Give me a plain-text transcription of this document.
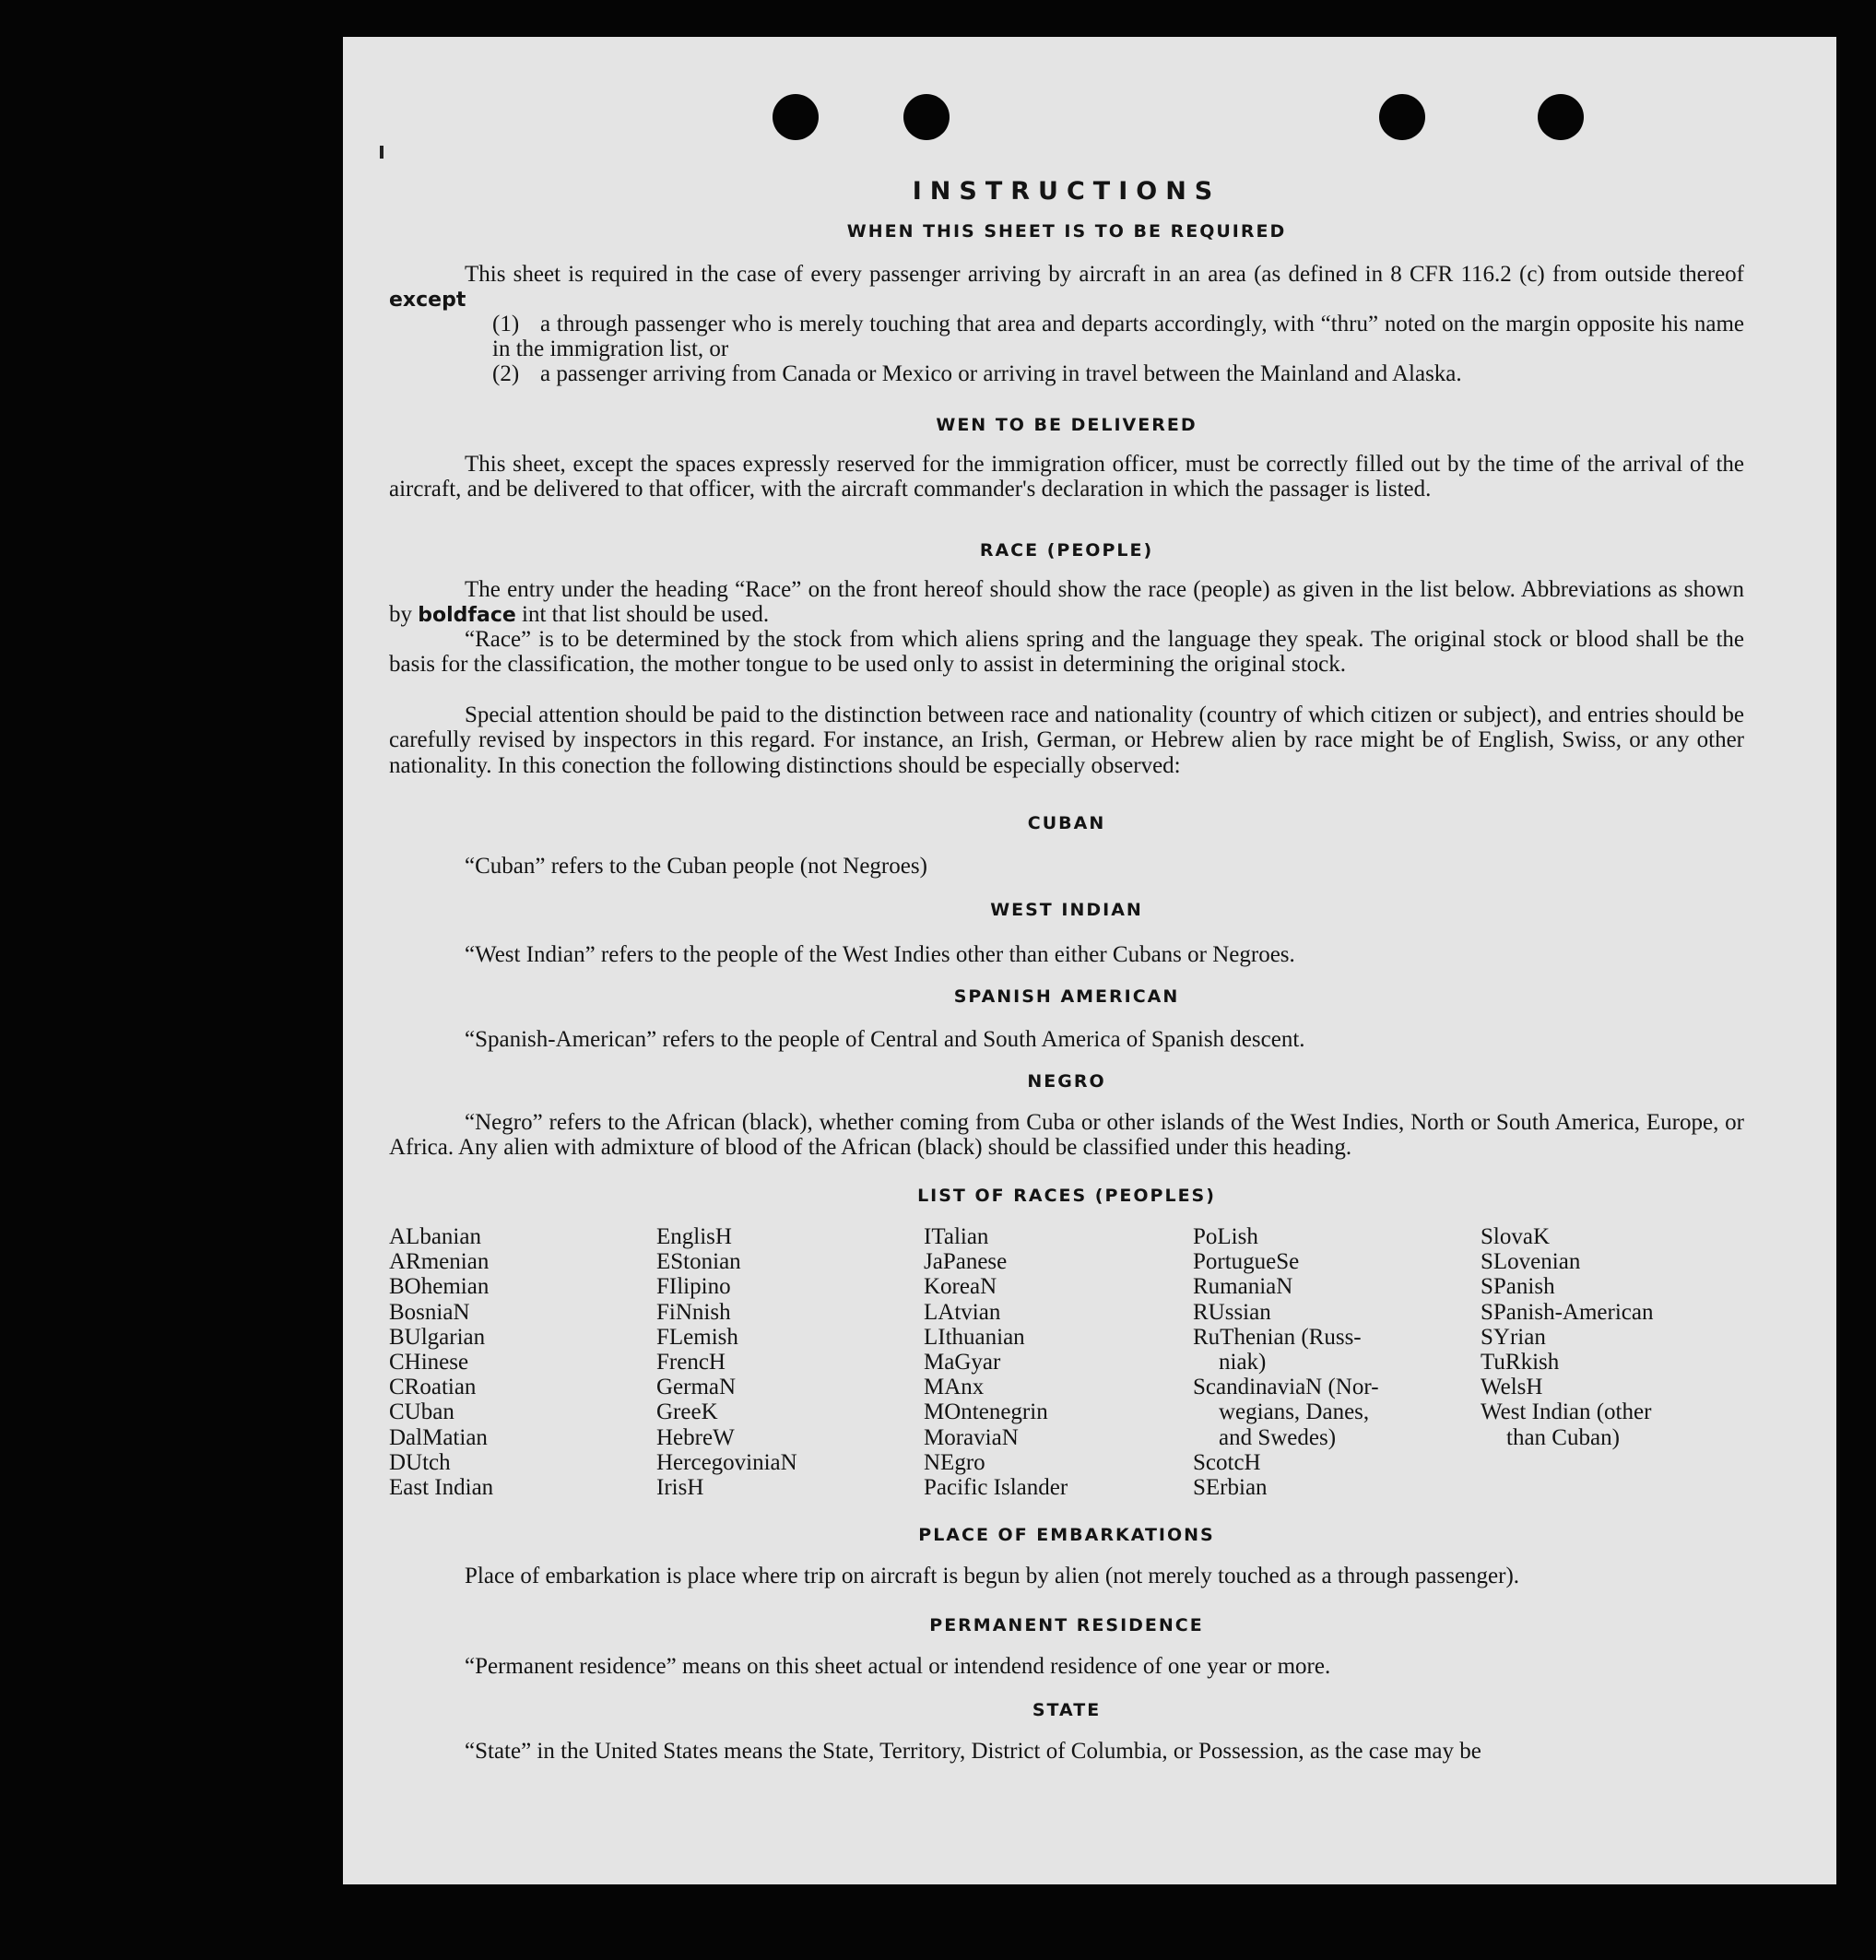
INSTRUCTIONS
WHEN THIS SHEET IS TO BE REQUIRED
This sheet is required in the case of every passenger arriving by aircraft in an area (as defined in 8 CFR 116.2 (c) from outside thereof except
(1) a through passenger who is merely touching that area and departs accordingly, with “thru” noted on the margin opposite his name in the immigration list, or
(2) a passenger arriving from Canada or Mexico or arriving in travel between the Mainland and Alaska.
WEN TO BE DELIVERED
This sheet, except the spaces expressly reserved for the immigration officer, must be correctly filled out by the time of the arrival of the aircraft, and be delivered to that officer, with the aircraft commander's declaration in which the passager is listed.
RACE (PEOPLE)
The entry under the heading “Race” on the front hereof should show the race (people) as given in the list below. Abbreviations as shown by boldface int that list should be used.
“Race” is to be determined by the stock from which aliens spring and the language they speak. The original stock or blood shall be the basis for the classification, the mother tongue to be used only to assist in determining the original stock.
Special attention should be paid to the distinction between race and nationality (country of which citizen or subject), and entries should be carefully revised by inspectors in this regard. For instance, an Irish, German, or Hebrew alien by race might be of English, Swiss, or any other nationality. In this conection the following distinctions should be especially observed:
CUBAN
“Cuban” refers to the Cuban people (not Negroes)
WEST INDIAN
“West Indian” refers to the people of the West Indies other than either Cubans or Negroes.
SPANISH AMERICAN
“Spanish-American” refers to the people of Central and South America of Spanish descent.
NEGRO
“Negro” refers to the African (black), whether coming from Cuba or other islands of the West Indies, North or South America, Europe, or Africa. Any alien with admixture of blood of the African (black) should be classified under this heading.
LIST OF RACES (PEOPLES)
ALbanian
ARmenian
BOhemian
BosniaN
BUlgarian
CHinese
CRoatian
CUban
DalMatian
DUtch
East Indian
EnglisH
EStonian
FIlipino
FiNnish
FLemish
FrencH
GermaN
GreeK
HebreW
HercegoviniaN
IrisH
ITalian
JaPanese
KoreaN
LAtvian
LIthuanian
MaGyar
MAnx
MOntenegrin
MoraviaN
NEgro
Pacific Islander
PoLish
PortugueSe
RumaniaN
RUssian
RuThenian (Russ-
niak)
ScandinaviaN (Nor-
wegians, Danes,
and Swedes)
ScotcH
SErbian
SlovaK
SLovenian
SPanish
SPanish-American
SYrian
TuRkish
WelsH
West Indian (other
than Cuban)
PLACE OF EMBARKATIONS
Place of embarkation is place where trip on aircraft is begun by alien (not merely touched as a through passenger).
PERMANENT RESIDENCE
“Permanent residence” means on this sheet actual or intendend residence of one year or more.
STATE
“State” in the United States means the State, Territory, District of Columbia, or Possession, as the case may be
